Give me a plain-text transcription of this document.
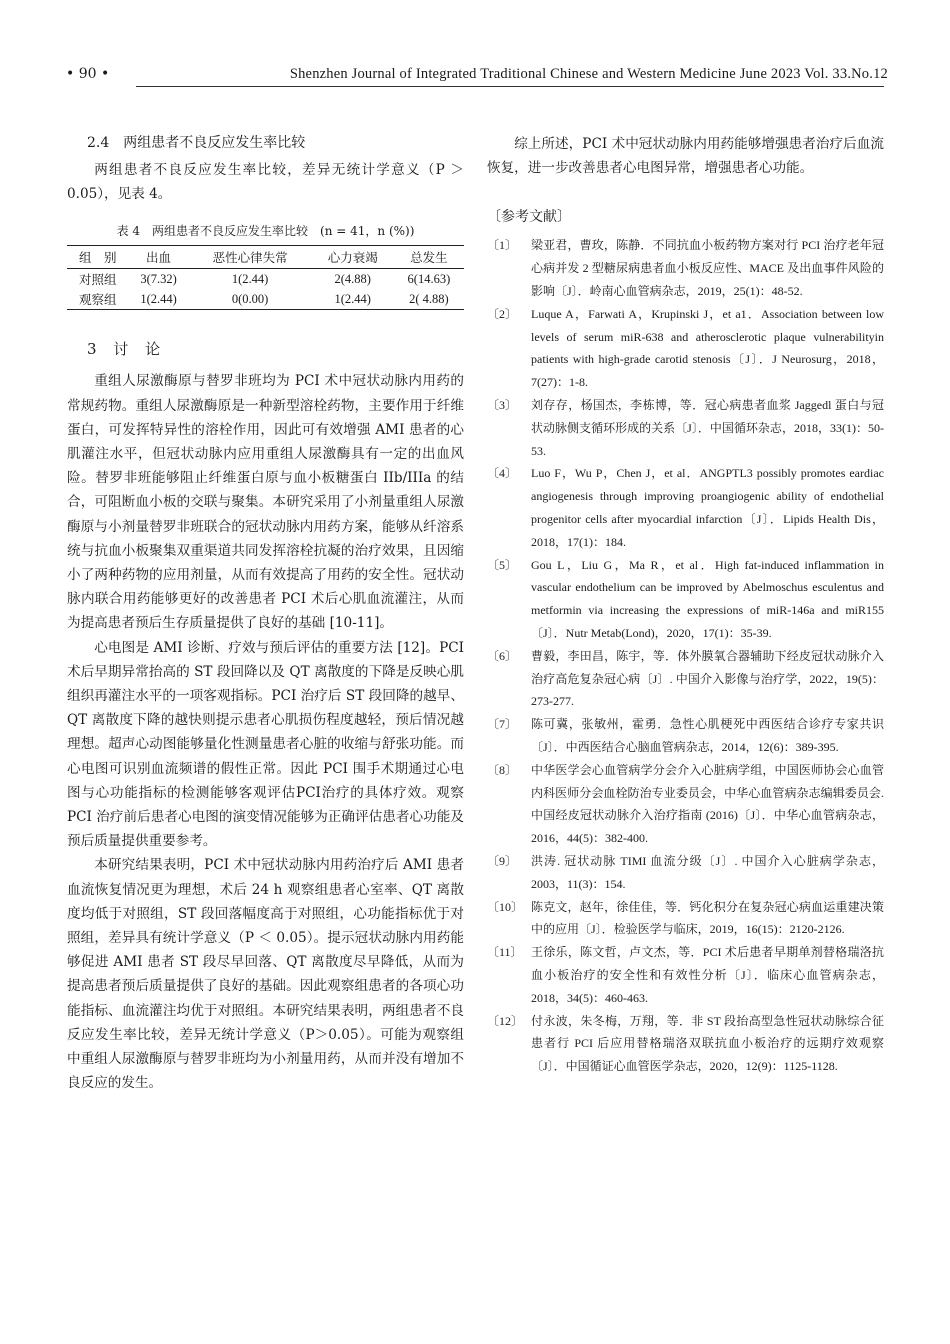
• 90 •	Shenzhen Journal of Integrated Traditional Chinese and Western Medicine June 2023 Vol. 33.No.12
2.4　两组患者不良反应发生率比较

两组患者不良反应发生率比较，差异无统计学意义（P ＞ 0.05），见表 4。

表 4　两组患者不良反应发生率比较　(n = 41，n (%))
组　别	出血	恶性心律失常	心力衰竭	总发生
对照组	3(7.32)	1(2.44)	2(4.88)	6(14.63)
观察组	1(2.44)	0(0.00)	1(2.44)	2( 4.88)
3 讨 论

重组人尿激酶原与替罗非班均为 PCI 术中冠状动脉内用药的常规药物。重组人尿激酶原是一种新型溶栓药物，主要作用于纤维蛋白，可发挥特异性的溶栓作用，因此可有效增强 AMI 患者的心肌灌注水平，但冠状动脉内应用重组人尿激酶具有一定的出血风险。替罗非班能够阻止纤维蛋白原与血小板糖蛋白 IIb/IIIa 的结合，可阻断血小板的交联与聚集。本研究采用了小剂量重组人尿激酶原与小剂量替罗非班联合的冠状动脉内用药方案，能够从纤溶系统与抗血小板聚集双重渠道共同发挥溶栓抗凝的治疗效果，且因缩小了两种药物的应用剂量，从而有效提高了用药的安全性。冠状动脉内联合用药能够更好的改善患者 PCI 术后心肌血流灌注，从而为提高患者预后生存质量提供了良好的基础 [10-11]。

心电图是 AMI 诊断、疗效与预后评估的重要方法 [12]。PCI 术后早期异常抬高的 ST 段回降以及 QT 离散度的下降是反映心肌组织再灌注水平的一项客观指标。PCI 治疗后 ST 段回降的越早、QT 离散度下降的越快则提示患者心肌损伤程度越轻，预后情况越理想。超声心动图能够量化性测量患者心脏的收缩与舒张功能。而心电图可识别血流频谱的假性正常。因此 PCI 围手术期通过心电图与心功能指标的检测能够客观评估PCI治疗的具体疗效。观察 PCI 治疗前后患者心电图的演变情况能够为正确评估患者心功能及预后质量提供重要参考。

本研究结果表明，PCI 术中冠状动脉内用药治疗后 AMI 患者血流恢复情况更为理想，术后 24 h 观察组患者心室率、QT 离散度均低于对照组，ST 段回落幅度高于对照组，心功能指标优于对照组，差异具有统计学意义（P ＜ 0.05）。提示冠状动脉内用药能够促进 AMI 患者 ST 段尽早回落、QT 离散度尽早降低，从而为提高患者预后质量提供了良好的基础。因此观察组患者的各项心功能指标、血流灌注均优于对照组。本研究结果表明，两组患者不良反应发生率比较，差异无统计学意义（P＞0.05）。可能为观察组中重组人尿激酶原与替罗非班均为小剂量用药，从而并没有增加不良反应的发生。

综上所述，PCI 术中冠状动脉内用药能够增强患者治疗后血流恢复，进一步改善患者心电图异常，增强患者心功能。

〔参考文献〕
〔1〕	梁亚君，曹玫，陈静．不同抗血小板药物方案对行 PCI 治疗老年冠心病并发 2 型糖尿病患者血小板反应性、MACE 及出血事件风险的影响〔J〕．岭南心血管病杂志，2019，25(1)：48-52.
〔2〕	Luque A，Farwati A，Krupinski J，et a1．Association between low levels of serum miR-638 and atherosclerotic plaque vulnerabilityin patients with high-grade carotid stenosis〔J〕．J Neurosurg，2018，7(27)：1-8.
〔3〕	刘存存，杨国杰，李栋博，等．冠心病患者血浆 Jaggedl 蛋白与冠状动脉侧支循环形成的关系〔J〕．中国循环杂志，2018，33(1)：50-53.
〔4〕	Luo F，Wu P，Chen J，et al．ANGPTL3 possibly promotes eardiac angiogenesis through improving proangiogenic ability of endothelial progenitor cells after myocardial infarction〔J〕．Lipids Health Dis，2018，17(1)：184.
〔5〕	Gou L，Liu G，Ma R，et al．High fat-induced inflammation in vascular endothelium can be improved by Abelmoschus esculentus and metformin via increasing the expressions of miR-146a and miR155〔J〕．Nutr Metab(Lond)，2020，17(1)：35-39.
〔6〕	曹毅，李田昌，陈宇，等．体外膜氧合器辅助下经皮冠状动脉介入治疗高危复杂冠心病〔J〕. 中国介入影像与治疗学，2022，19(5)：273-277.
〔7〕	陈可冀，张敏州，霍勇．急性心肌梗死中西医结合诊疗专家共识〔J〕．中西医结合心脑血管病杂志，2014，12(6)：389-395.
〔8〕	中华医学会心血管病学分会介入心脏病学组，中国医师协会心血管内科医师分会血栓防治专业委员会，中华心血管病杂志编辑委员会. 中国经皮冠状动脉介入治疗指南 (2016)〔J〕．中华心血管病杂志，2016，44(5)：382-400.
〔9〕	洪涛. 冠状动脉 TIMI 血流分级〔J〕. 中国介入心脏病学杂志，2003，11(3)：154.
〔10〕 陈克文，赵年，徐佳佳，等．钙化积分在复杂冠心病血运重建决策中的应用〔J〕．检验医学与临床，2019，16(15)：2120-2126.
〔11〕 王徐乐，陈文哲，卢文杰，等．PCI 术后患者早期单剂替格瑞洛抗血小板治疗的安全性和有效性分析〔J〕．临床心血管病杂志，2018，34(5)：460-463.
〔12〕 付永波，朱冬梅，万翔，等．非 ST 段抬高型急性冠状动脉综合征患者行 PCI 后应用替格瑞洛双联抗血小板治疗的远期疗效观察〔J〕．中国循证心血管医学杂志，2020，12(9)：1125-1128.
